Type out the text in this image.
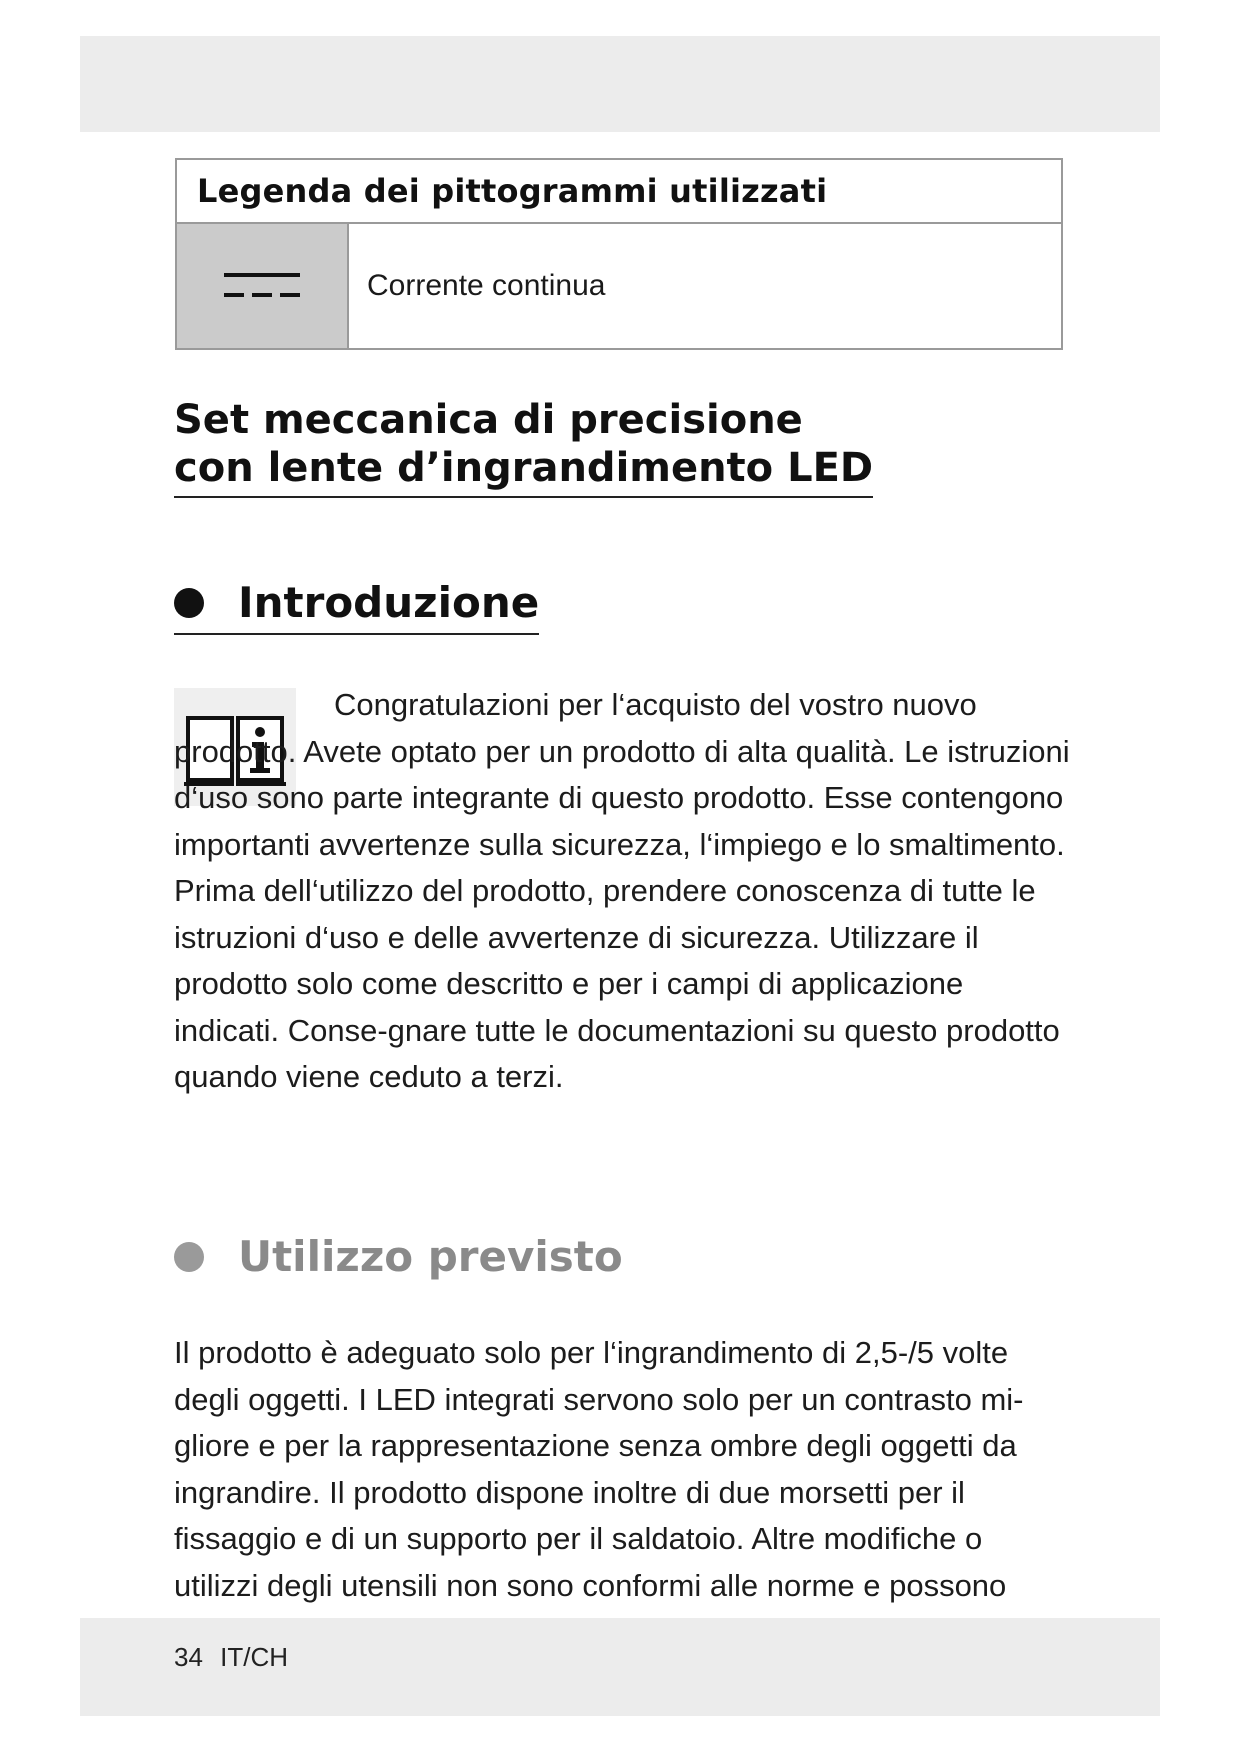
Legenda dei pittogrammi utilizzati
Corrente continua
Set meccanica di precisione
con lente d’ingrandimento LED
Introduzione
Congratulazioni per l‘acquisto del vostro nuovo prodotto. Avete optato per un prodotto di alta qualità. Le istruzioni d‘uso sono parte integrante di questo prodotto. Esse contengono importanti avvertenze sulla sicurezza, l‘impiego e lo smaltimento. Prima dell‘utilizzo del prodotto, prendere conoscenza di tutte le istruzioni d‘uso e delle avvertenze di sicurezza. Utilizzare il prodotto solo come descritto e per i campi di applicazione indicati. Conse-gnare tutte le documentazioni su questo prodotto quando viene ceduto a terzi.
Utilizzo previsto
Il prodotto è adeguato solo per l‘ingrandimento di 2,5-/5 volte degli oggetti. I LED integrati servono solo per un contrasto mi-gliore e per la rappresentazione senza ombre degli oggetti da ingrandire. Il prodotto dispone inoltre di due morsetti per il fissaggio e di un supporto per il saldatoio. Altre modifiche o utilizzi degli utensili non sono conformi alle norme e possono
34 IT/CH
